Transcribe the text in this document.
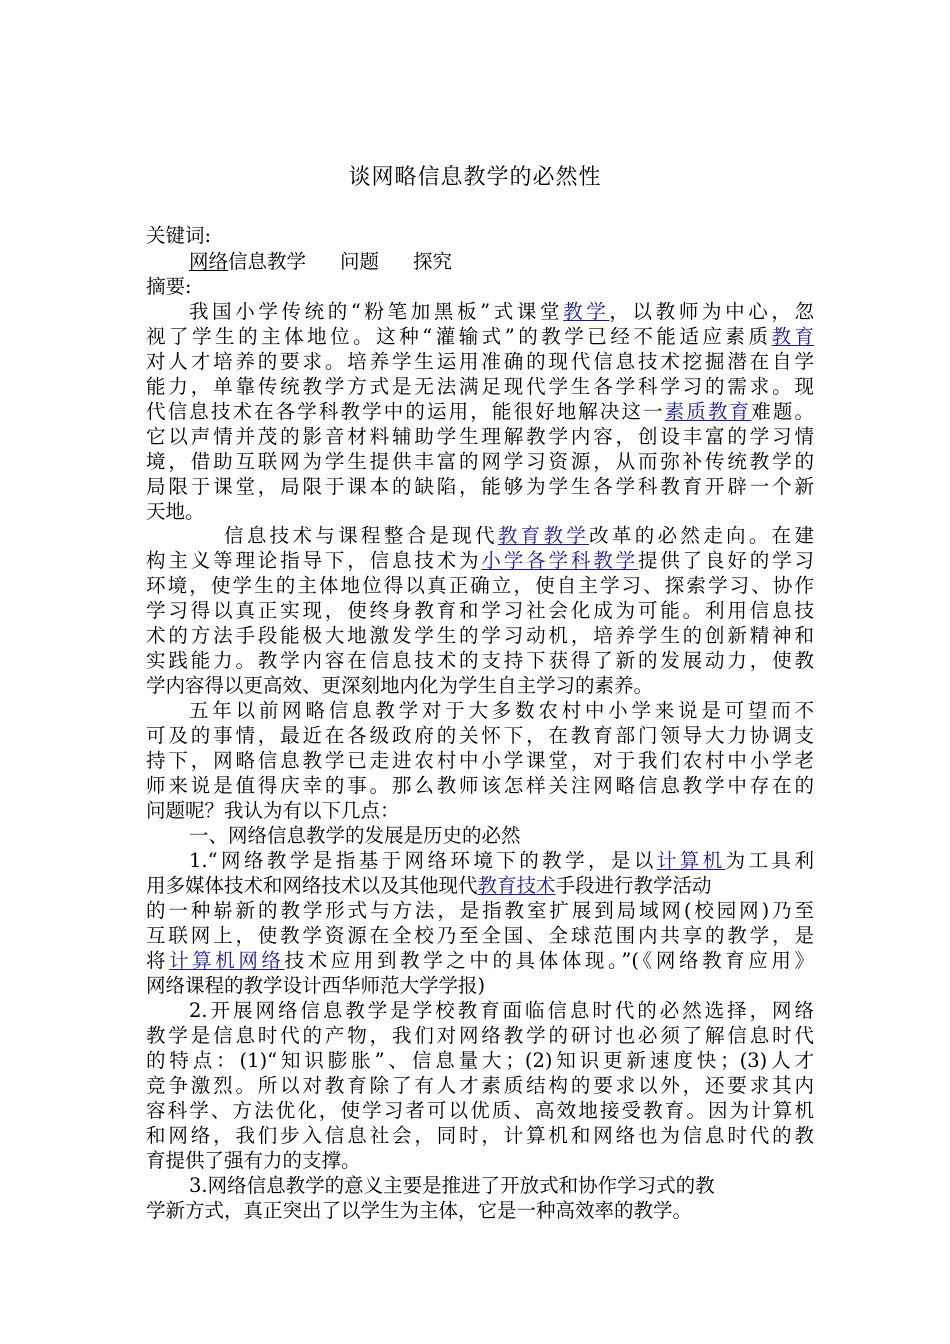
谈网略信息教学的必然性
关键词:
网络信息教学 问题 探究
摘要:
我国小学传统的“粉笔加黑板”式课堂教学，以教师为中心，忽
视了学生的主体地位。这种“灌输式”的教学已经不能适应素质教育
对人才培养的要求。培养学生运用准确的现代信息技术挖掘潜在自学
能力，单靠传统教学方式是无法满足现代学生各学科学习的需求。现
代信息技术在各学科教学中的运用，能很好地解决这一素质教育难题。
它以声情并茂的影音材料辅助学生理解教学内容，创设丰富的学习情
境，借助互联网为学生提供丰富的网学习资源，从而弥补传统教学的
局限于课堂，局限于课本的缺陷，能够为学生各学科教育开辟一个新
天地。
信息技术与课程整合是现代教育教学改革的必然走向。在建
构主义等理论指导下，信息技术为小学各学科教学提供了良好的学习
环境，使学生的主体地位得以真正确立，使自主学习、探索学习、协作
学习得以真正实现，使终身教育和学习社会化成为可能。利用信息技
术的方法手段能极大地激发学生的学习动机，培养学生的创新精神和
实践能力。教学内容在信息技术的支持下获得了新的发展动力，使教
学内容得以更高效、更深刻地内化为学生自主学习的素养。
五年以前网略信息教学对于大多数农村中小学来说是可望而不
可及的事情，最近在各级政府的关怀下，在教育部门领导大力协调支
持下，网略信息教学已走进农村中小学课堂，对于我们农村中小学老
师来说是值得庆幸的事。那么教师该怎样关注网略信息教学中存在的
问题呢？我认为有以下几点：
一、网络信息教学的发展是历史的必然
1.“网络教学是指基于网络环境下的教学，是以计算机为工具利
用多媒体技术和网络技术以及其他现代教育技术手段进行教学活动
的一种崭新的教学形式与方法，是指教室扩展到局域网(校园网)乃至
互联网上，使教学资源在全校乃至全国、全球范围内共享的教学，是
将计算机网络技术应用到教学之中的具体体现。”(《网络教育应用》
网络课程的教学设计西华师范大学学报)
2.开展网络信息教学是学校教育面临信息时代的必然选择，网络
教学是信息时代的产物，我们对网络教学的研讨也必须了解信息时代
的特点：(1)“知识膨胀”、信息量大；(2)知识更新速度快；(3)人才
竞争激烈。所以对教育除了有人才素质结构的要求以外，还要求其内
容科学、方法优化，使学习者可以优质、高效地接受教育。因为计算机
和网络，我们步入信息社会，同时，计算机和网络也为信息时代的教
育提供了强有力的支撑。
3.网络信息教学的意义主要是推进了开放式和协作学习式的教
学新方式，真正突出了以学生为主体，它是一种高效率的教学。
